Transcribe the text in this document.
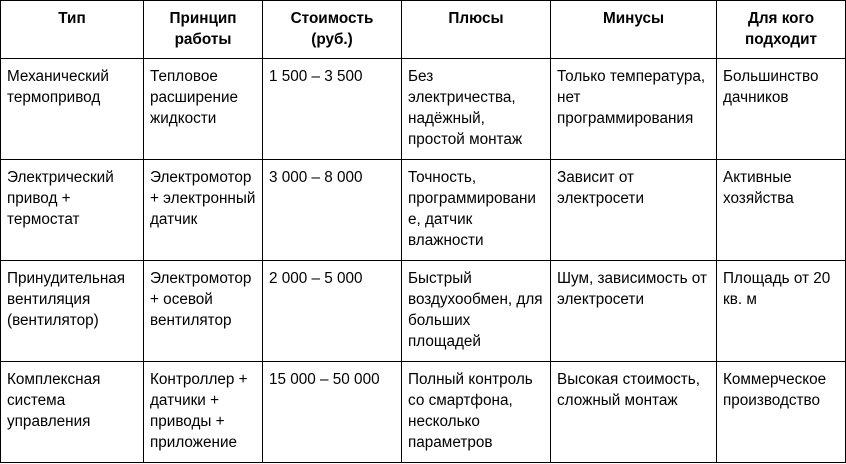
Тип	Принцип работы	Стоимость (руб.)	Плюсы	Минусы	Для кого подходит
Механический термопривод	Тепловое расширение жидкости	1 500 – 3 500	Без электричества, надёжный, простой монтаж	Только температура, нет программирования	Большинство дачников
Электрический привод + термостат	Электромотор + электронный датчик	3 000 – 8 000	Точность, программирование, датчик влажности	Зависит от электросети	Активные хозяйства
Принудительная вентиляция (вентилятор)	Электромотор + осевой вентилятор	2 000 – 5 000	Быстрый воздухообмен, для больших площадей	Шум, зависимость от электросети	Площадь от 20 кв. м
Комплексная система управления	Контроллер + датчики + приводы + приложение	15 000 – 50 000	Полный контроль со смартфона, несколько параметров	Высокая стоимость, сложный монтаж	Коммерческое производство
